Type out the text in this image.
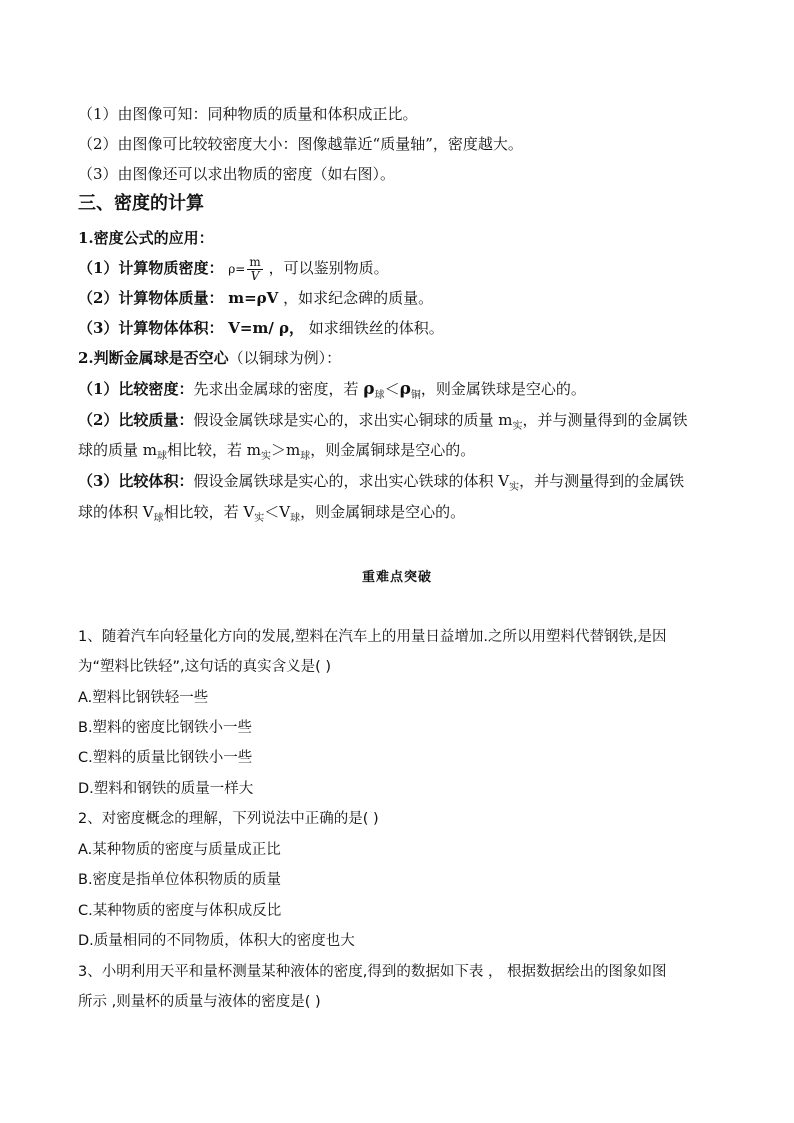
（1）由图像可知：同种物质的质量和体积成正比。
（2）由图像可比较较密度大小：图像越靠近“质量轴”，密度越大。
（3）由图像还可以求出物质的密度（如右图）。
三、密度的计算
1.密度公式的应用：
（1）计算物质密度： $\rho= \frac{m}{V}$ ，可以鉴别物质。
（2）计算物体质量： m=ρV ，如求纪念碑的质量。
（3）计算物体体积： V=m/ ρ， 如求细铁丝的体积。
2.判断金属球是否空心（以铜球为例）：
（1）比较密度：先求出金属球的密度，若 $\rho_球<\rho_铜$，则金属铁球是空心的。
（2）比较质量：假设金属铁球是实心的，求出实心铜球的质量 $m_实$，并与测量得到的金属铁
球的质量 $m_球$相比较，若 $m_实>m_球$，则金属铜球是空心的。
（3）比较体积：假设金属铁球是实心的，求出实心铁球的体积 $V_实$，并与测量得到的金属铁
球的体积 $V_球$相比较，若 $V_实<V_球$，则金属铜球是空心的。
重难点突破
1、随着汽车向轻量化方向的发展,塑料在汽车上的用量日益增加.之所以用塑料代替钢铁,是因
为“塑料比铁轻”,这句话的真实含义是( )
A.塑料比钢铁轻一些
B.塑料的密度比钢铁小一些
C.塑料的质量比钢铁小一些
D.塑料和钢铁的质量一样大
2、对密度概念的理解，下列说法中正确的是( )
A.某种物质的密度与质量成正比
B.密度是指单位体积物质的质量
C.某种物质的密度与体积成反比
D.质量相同的不同物质，体积大的密度也大
3、小明利用天平和量杯测量某种液体的密度,得到的数据如下表 ， 根据数据绘出的图象如图
所示 ,则量杯的质量与液体的密度是( )
